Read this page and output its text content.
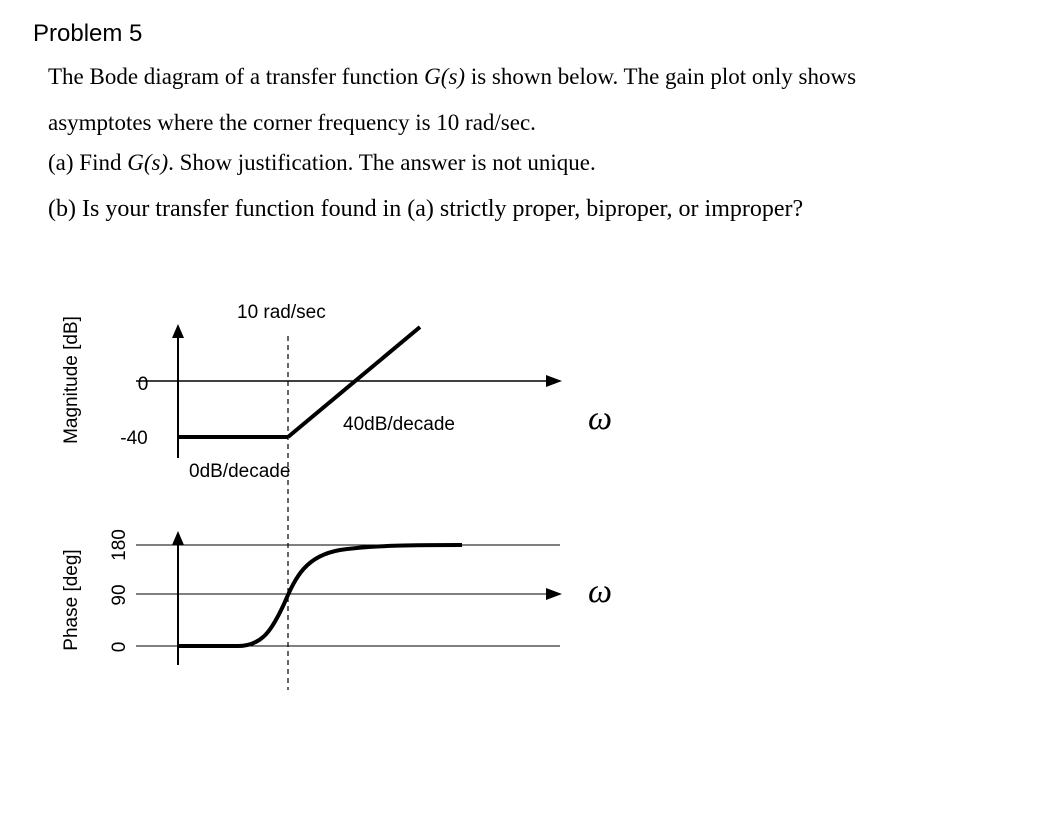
Problem 5
The Bode diagram of a transfer function G(s) is shown below. The gain plot only shows
asymptotes where the corner frequency is 10 rad/sec.
(a) Find G(s). Show justification. The answer is not unique.
(b) Is your transfer function found in (a) strictly proper, biproper, or improper?
Magnitude [dB]	0
-40
10 rad/sec
40dB/decade
0dB/decade
ω
Phase [deg]
180
90
0
ω
